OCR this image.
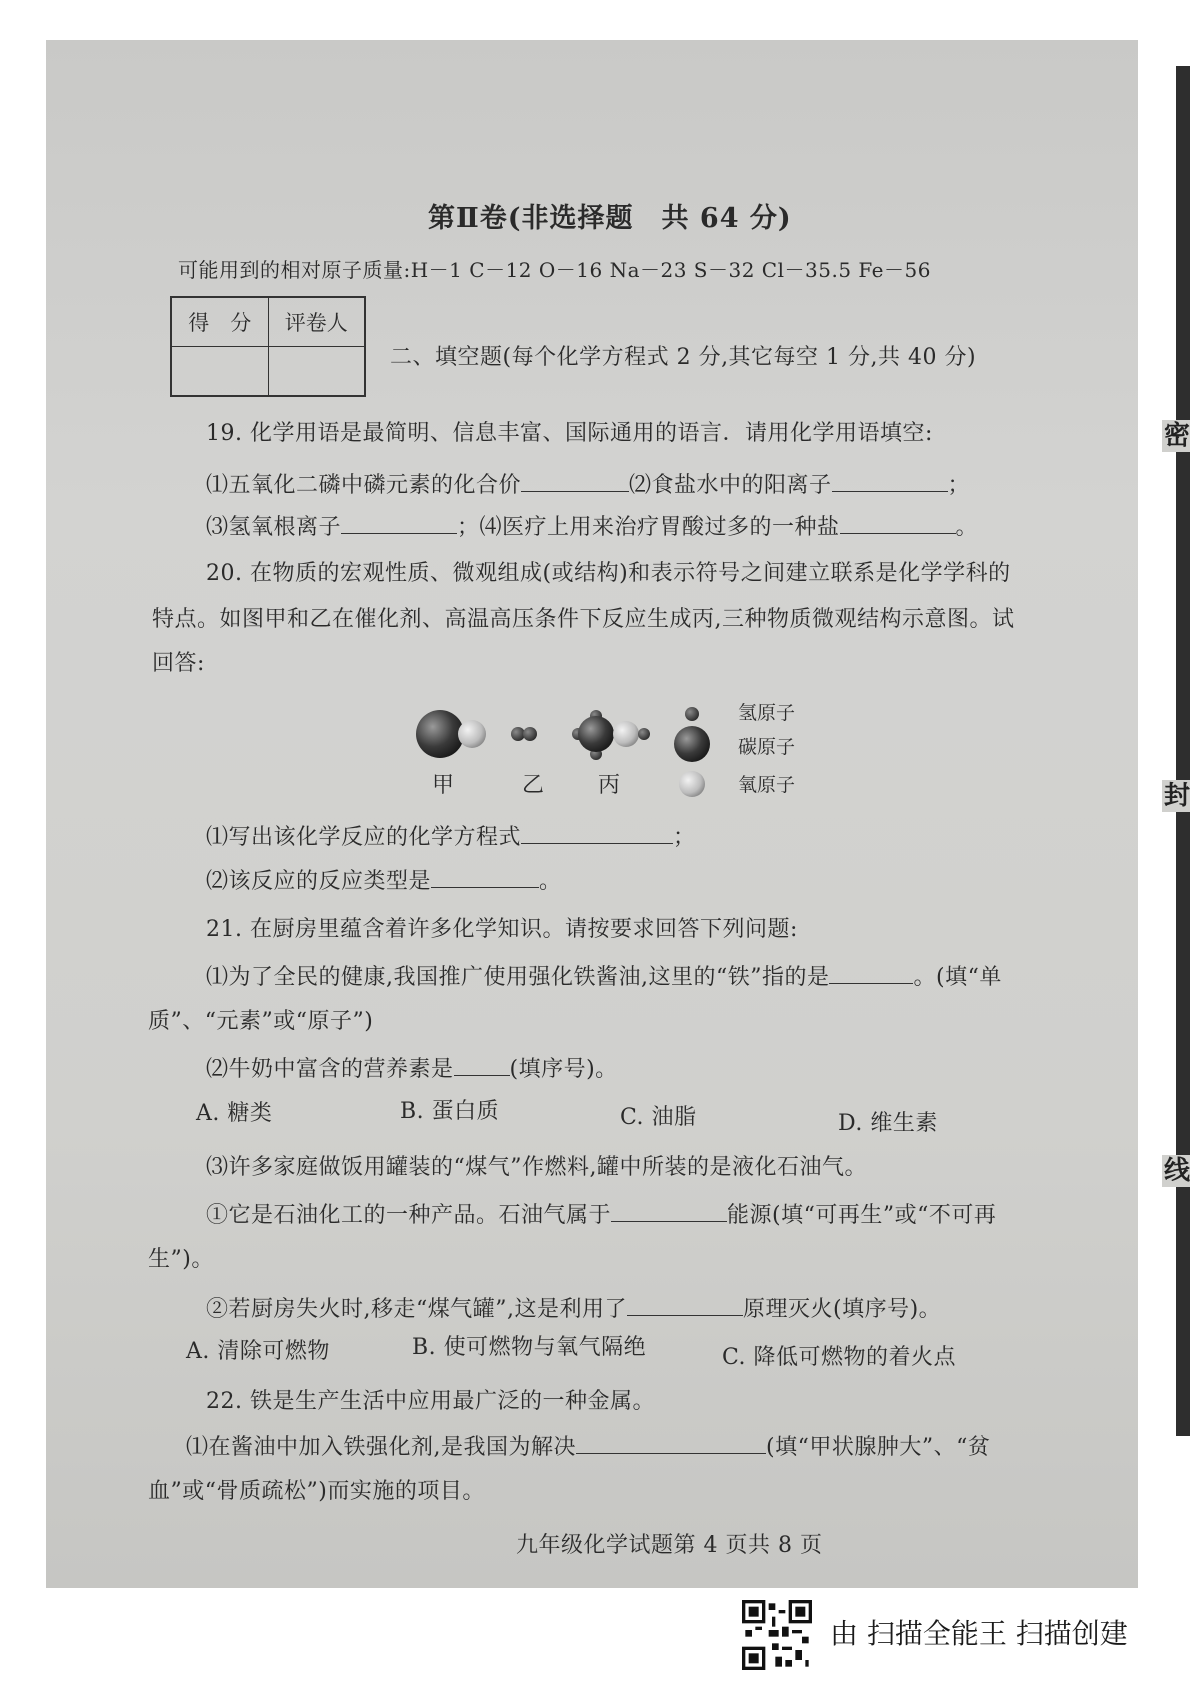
密
封
线
第Ⅱ卷(非选择题　共 64 分)
可能用到的相对原子质量:H－1 C－12 O－16 Na－23 S－32 Cl－35.5 Fe－56
得　分	评卷人

二、填空题(每个化学方程式 2 分,其它每空 1 分,共 40 分)
19. 化学用语是最简明、信息丰富、国际通用的语言．请用化学用语填空:
⑴五氧化二磷中磷元素的化合价	⑵食盐水中的阳离子	；
⑶氢氧根离子	；⑷医疗上用来治疗胃酸过多的一种盐	。
20. 在物质的宏观性质、微观组成(或结构)和表示符号之间建立联系是化学学科的
特点。如图甲和乙在催化剂、高温高压条件下反应生成丙,三种物质微观结构示意图。试
回答:
甲	乙 丙
氢原子
碳原子
氧原子
⑴写出该化学反应的化学方程式	；
⑵该反应的反应类型是	。
21. 在厨房里蕴含着许多化学知识。请按要求回答下列问题:
⑴为了全民的健康,我国推广使用强化铁酱油,这里的“铁”指的是	。(填“单
质”、“元素”或“原子”)
⑵牛奶中富含的营养素是	(填序号)。
A. 糖类	B. 蛋白质	C. 油脂	D. 维生素
⑶许多家庭做饭用罐装的“煤气”作燃料,罐中所装的是液化石油气。
①它是石油化工的一种产品。石油气属于	能源(填“可再生”或“不可再
生”)。
②若厨房失火时,移走“煤气罐”,这是利用了	原理灭火(填序号)。
A. 清除可燃物	B. 使可燃物与氧气隔绝	C. 降低可燃物的着火点
22. 铁是生产生活中应用最广泛的一种金属。
⑴在酱油中加入铁强化剂,是我国为解决	(填“甲状腺肿大”、“贫
血”或“骨质疏松”)而实施的项目。
九年级化学试题第 4 页共 8 页
由 扫描全能王 扫描创建
